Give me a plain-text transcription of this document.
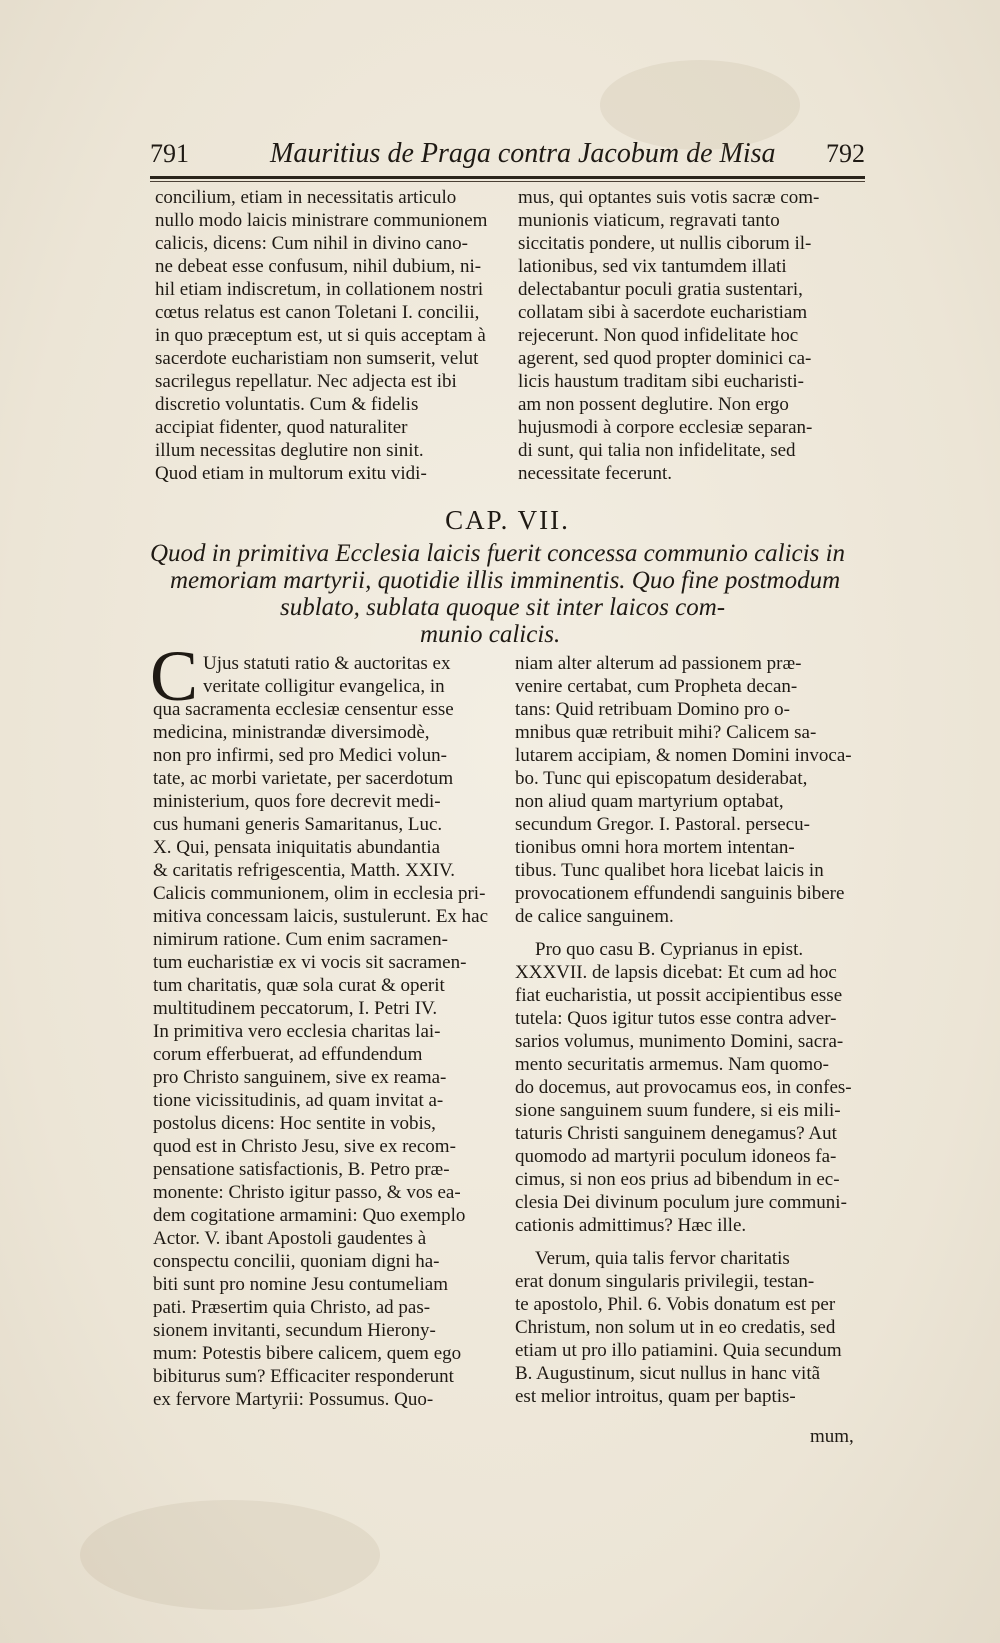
791	Mauritius de Praga contra Jacobum de Misa 792
concilium, etiam in necessitatis articulo
nullo modo laicis ministrare communionem
calicis, dicens: Cum nihil in divino cano-
ne debeat esse confusum, nihil dubium, ni-
hil etiam indiscretum, in collationem nostri
cœtus relatus est canon Toletani I. concilii,
in quo præceptum est, ut si quis acceptam à
sacerdote eucharistiam non sumserit, velut
sacrilegus repellatur. Nec adjecta est ibi
discretio voluntatis. Cum & fidelis
accipiat fidenter, quod naturaliter
illum necessitas deglutire non sinit.
Quod etiam in multorum exitu vidi-
mus, qui optantes suis votis sacræ com-
munionis viaticum, regravati tanto
siccitatis pondere, ut nullis ciborum il-
lationibus, sed vix tantumdem illati
delectabantur poculi gratia sustentari,
collatam sibi à sacerdote eucharistiam
rejecerunt. Non quod infidelitate hoc
agerent, sed quod propter dominici ca-
licis haustum traditam sibi eucharisti-
am non possent deglutire. Non ergo
hujusmodi à corpore ecclesiæ separan-
di sunt, qui talia non infidelitate, sed
necessitate fecerunt.
CAP. VII.
Quod in primitiva Ecclesia laicis fuerit concessa communio calicis in
memoriam martyrii, quotidie illis imminentis. Quo fine postmodum
sublato, sublata quoque sit inter laicos com-
munio calicis.
C Ujus statuti ratio & auctoritas ex
veritate colligitur evangelica, in
qua sacramenta ecclesiæ censentur esse
medicina, ministrandæ diversimodè,
non pro infirmi, sed pro Medici volun-
tate, ac morbi varietate, per sacerdotum
ministerium, quos fore decrevit medi-
cus humani generis Samaritanus, Luc.
X. Qui, pensata iniquitatis abundantia
& caritatis refrigescentia, Matth. XXIV.
Calicis communionem, olim in ecclesia pri-
mitiva concessam laicis, sustulerunt. Ex hac
nimirum ratione. Cum enim sacramen-
tum eucharistiæ ex vi vocis sit sacramen-
tum charitatis, quæ sola curat & operit
multitudinem peccatorum, I. Petri IV.
In primitiva vero ecclesia charitas lai-
corum efferbuerat, ad effundendum
pro Christo sanguinem, sive ex reama-
tione vicissitudinis, ad quam invitat a-
postolus dicens: Hoc sentite in vobis,
quod est in Christo Jesu, sive ex recom-
pensatione satisfactionis, B. Petro præ-
monente: Christo igitur passo, & vos ea-
dem cogitatione armamini: Quo exemplo
Actor. V. ibant Apostoli gaudentes à
conspectu concilii, quoniam digni ha-
biti sunt pro nomine Jesu contumeliam
pati. Præsertim quia Christo, ad pas-
sionem invitanti, secundum Hierony-
mum: Potestis bibere calicem, quem ego
bibiturus sum? Efficaciter responderunt
ex fervore Martyrii: Possumus. Quo-
niam alter alterum ad passionem præ-
venire certabat, cum Propheta decan-
tans: Quid retribuam Domino pro o-
mnibus quæ retribuit mihi? Calicem sa-
lutarem accipiam, & nomen Domini invoca-
bo. Tunc qui episcopatum desiderabat,
non aliud quam martyrium optabat,
secundum Gregor. I. Pastoral. persecu-
tionibus omni hora mortem intentan-
tibus. Tunc qualibet hora licebat laicis in
provocationem effundendi sanguinis bibere
de calice sanguinem.
Pro quo casu B. Cyprianus in epist.
XXXVII. de lapsis dicebat: Et cum ad hoc
fiat eucharistia, ut possit accipientibus esse
tutela: Quos igitur tutos esse contra adver-
sarios volumus, munimento Domini, sacra-
mento securitatis armemus. Nam quomo-
do docemus, aut provocamus eos, in confes-
sione sanguinem suum fundere, si eis mili-
taturis Christi sanguinem denegamus? Aut
quomodo ad martyrii poculum idoneos fa-
cimus, si non eos prius ad bibendum in ec-
clesia Dei divinum poculum jure communi-
cationis admittimus? Hæc ille.
Verum, quia talis fervor charitatis
erat donum singularis privilegii, testan-
te apostolo, Phil. 6. Vobis donatum est per
Christum, non solum ut in eo credatis, sed
etiam ut pro illo patiamini. Quia secundum
B. Augustinum, sicut nullus in hanc vitã
est melior introitus, quam per baptis-
mum,
